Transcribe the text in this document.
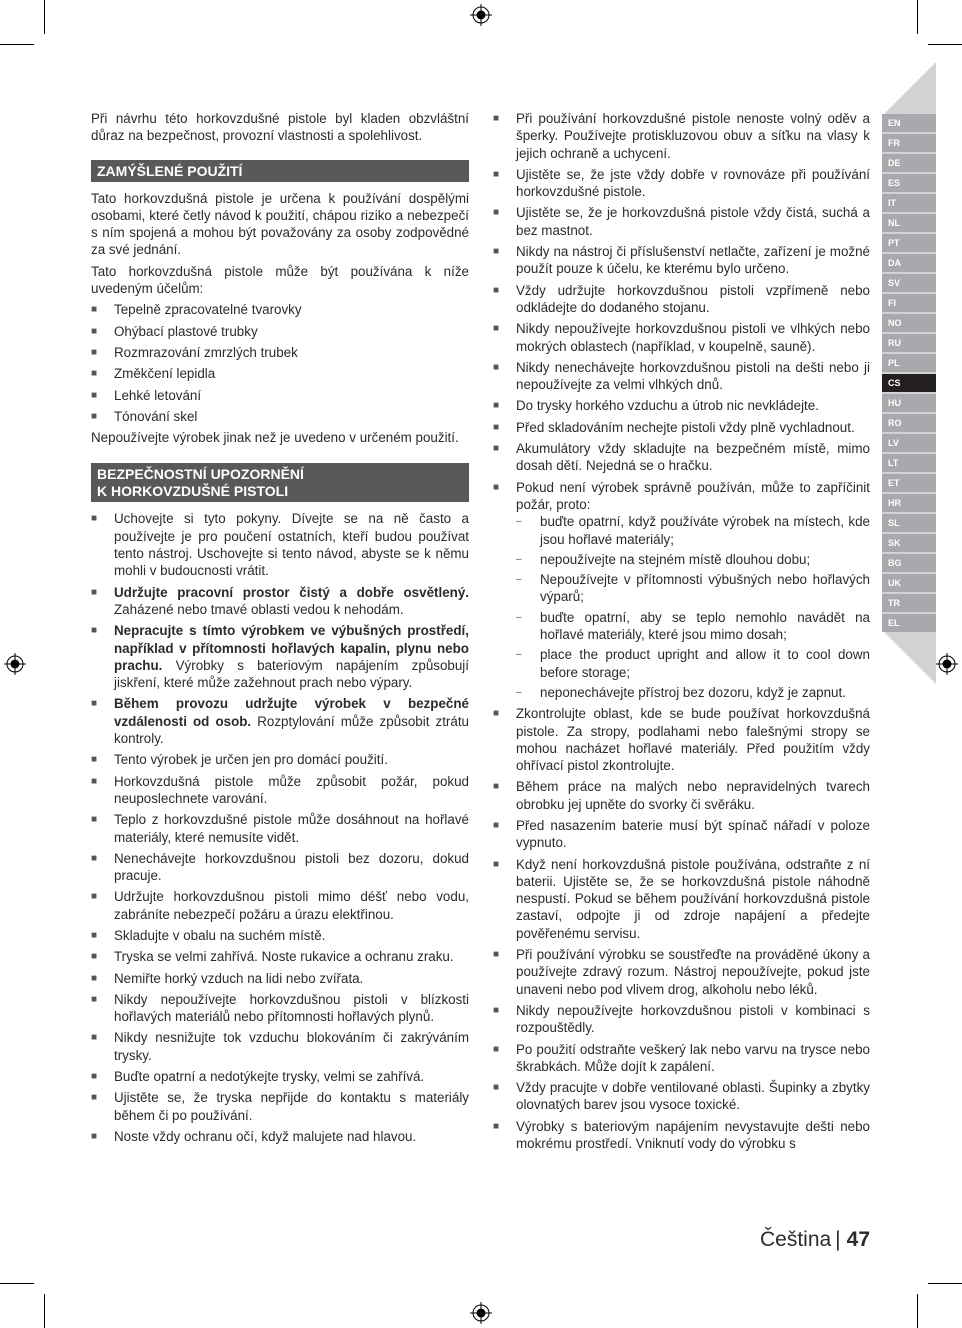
Při návrhu této horkovzdušné pistole byl kladen obzvláštní důraz na bezpečnost, provozní vlastnosti a spolehlivost.

ZAMÝŠLENÉ POUŽITÍ

Tato horkovzdušná pistole je určena k používání dospělými osobami, které četly návod k použití, chápou riziko a nebezpečí s ním spojená a mohou být považovány za osoby zodpovědné za své jednání.

Tato horkovzdušná pistole může být používána k níže uvedeným účelům:

■ Tepelně zpracovatelné tvarovky
■ Ohýbací plastové trubky
■ Rozmrazování zmrzlých trubek
■ Změkčení lepidla
■ Lehké letování
■ Tónování skel

Nepoužívejte výrobek jinak než je uvedeno v určeném použití.

BEZPEČNOSTNÍ UPOZORNĚNÍ
K HORKOVZDUŠNÉ PISTOLI
■ Uchovejte si tyto pokyny. Dívejte se na ně často a používejte je pro poučení ostatních, kteří budou používat tento nástroj. Uschovejte si tento návod, abyste se k němu mohli v budoucnosti vrátit.
■ Udržujte pracovní prostor čistý a dobře osvětlený. Zaházené nebo tmavé oblasti vedou k nehodám.
■ Nepracujte s tímto výrobkem ve výbušných prostředí, například v přítomnosti hořlavých kapalin, plynu nebo prachu. Výrobky s bateriovým napájením způsobují jiskření, které může zažehnout prach nebo výpary.
■ Během provozu udržujte výrobek v bezpečné vzdálenosti od osob. Rozptylování může způsobit ztrátu kontroly.
■ Tento výrobek je určen jen pro domácí použití.
■ Horkovzdušná pistole může způsobit požár, pokud neuposlechnete varování.
■ Teplo z horkovzdušné pistole může dosáhnout na hořlavé materiály, které nemusíte vidět.
■ Nenechávejte horkovzdušnou pistoli bez dozoru, dokud pracuje.
■ Udržujte horkovzdušnou pistoli mimo déšť nebo vodu, zabráníte nebezpečí požáru a úrazu elektřinou.
■ Skladujte v obalu na suchém místě.
■ Tryska se velmi zahřívá. Noste rukavice a ochranu zraku.
■ Nemiřte horký vzduch na lidi nebo zvířata.
■ Nikdy nepoužívejte horkovzdušnou pistoli v blízkosti hořlavých materiálů nebo přítomnosti hořlavých plynů.
■ Nikdy nesnižujte tok vzduchu blokováním či zakrýváním trysky.
■ Buďte opatrní a nedotýkejte trysky, velmi se zahřívá.
■ Ujistěte se, že tryska nepřijde do kontaktu s materiály během či po používání.
■ Noste vždy ochranu očí, když malujete nad hlavou.
■ Při používání horkovzdušné pistole nenoste volný oděv a šperky. Používejte protiskluzovou obuv a síťku na vlasy k jejich ochraně a uchycení.
■ Ujistěte se, že jste vždy dobře v rovnováze při používání horkovzdušné pistole.
■ Ujistěte se, že je horkovzdušná pistole vždy čistá, suchá a bez mastnot.
■ Nikdy na nástroj či příslušenství netlačte, zařízení je možné použít pouze k účelu, ke kterému bylo určeno.
■ Vždy udržujte horkovzdušnou pistoli vzpřímeně nebo odkládejte do dodaného stojanu.
■ Nikdy nepoužívejte horkovzdušnou pistoli ve vlhkých nebo mokrých oblastech (například, v koupelně, sauně).
■ Nikdy nenechávejte horkovzdušnou pistoli na dešti nebo ji nepoužívejte za velmi vlhkých dnů.
■ Do trysky horkého vzduchu a útrob nic nevkládejte.
■ Před skladováním nechejte pistoli vždy plně vychladnout.
■ Akumulátory vždy skladujte na bezpečném místě, mimo dosah dětí. Nejedná se o hračku.
■ Pokud není výrobek správně používán, může to zapříčinit požár, proto:
– buďte opatrní, když používáte výrobek na místech, kde jsou hořlavé materiály;
– nepoužívejte na stejném místě dlouhou dobu;
– Nepoužívejte v přítomnosti výbušných nebo hořlavých výparů;
– buďte opatrní, aby se teplo nemohlo navádět na hořlavé materiály, které jsou mimo dosah;
– place the product upright and allow it to cool down before storage;
– neponechávejte přístroj bez dozoru, když je zapnut.
■ Zkontrolujte oblast, kde se bude používat horkovzdušná pistole. Za stropy, podlahami nebo falešnými stropy se mohou nacházet hořlavé materiály. Před použitím vždy ohřívací pistol zkontrolujte.
■ Během práce na malých nebo nepravidelných tvarech obrobku jej upněte do svorky či svěráku.
■ Před nasazením baterie musí být spínač nářadí v poloze vypnuto.
■ Když není horkovzdušná pistole používána, odstraňte z ní baterii. Ujistěte se, že se horkovzdušná pistole náhodně nespustí. Pokud se během používání horkovzdušná pistole zastaví, odpojte ji od zdroje napájení a předejte pověřenému servisu.
■ Při používání výrobku se soustřeďte na prováděné úkony a používejte zdravý rozum. Nástroj nepoužívejte, pokud jste unaveni nebo pod vlivem drog, alkoholu nebo léků.
■ Nikdy nepoužívejte horkovzdušnou pistoli v kombinaci s rozpouštědly.
■ Po použití odstraňte veškerý lak nebo varvu na trysce nebo škrabkách. Může dojít k zapálení.
■ Vždy pracujte v dobře ventilované oblasti. Šupinky a zbytky olovnatých barev jsou vysoce toxické.
■ Výrobky s bateriovým napájením nevystavujte dešti nebo mokrému prostředí. Vniknutí vody do výrobku s
EN
FR
DE
ES
IT
NL
PT
DA
SV
FI
NO
RU
PL
CS
HU
RO
LV
LT
ET
HR
SL
SK
BG
UK
TR
EL
Čeština | 47
